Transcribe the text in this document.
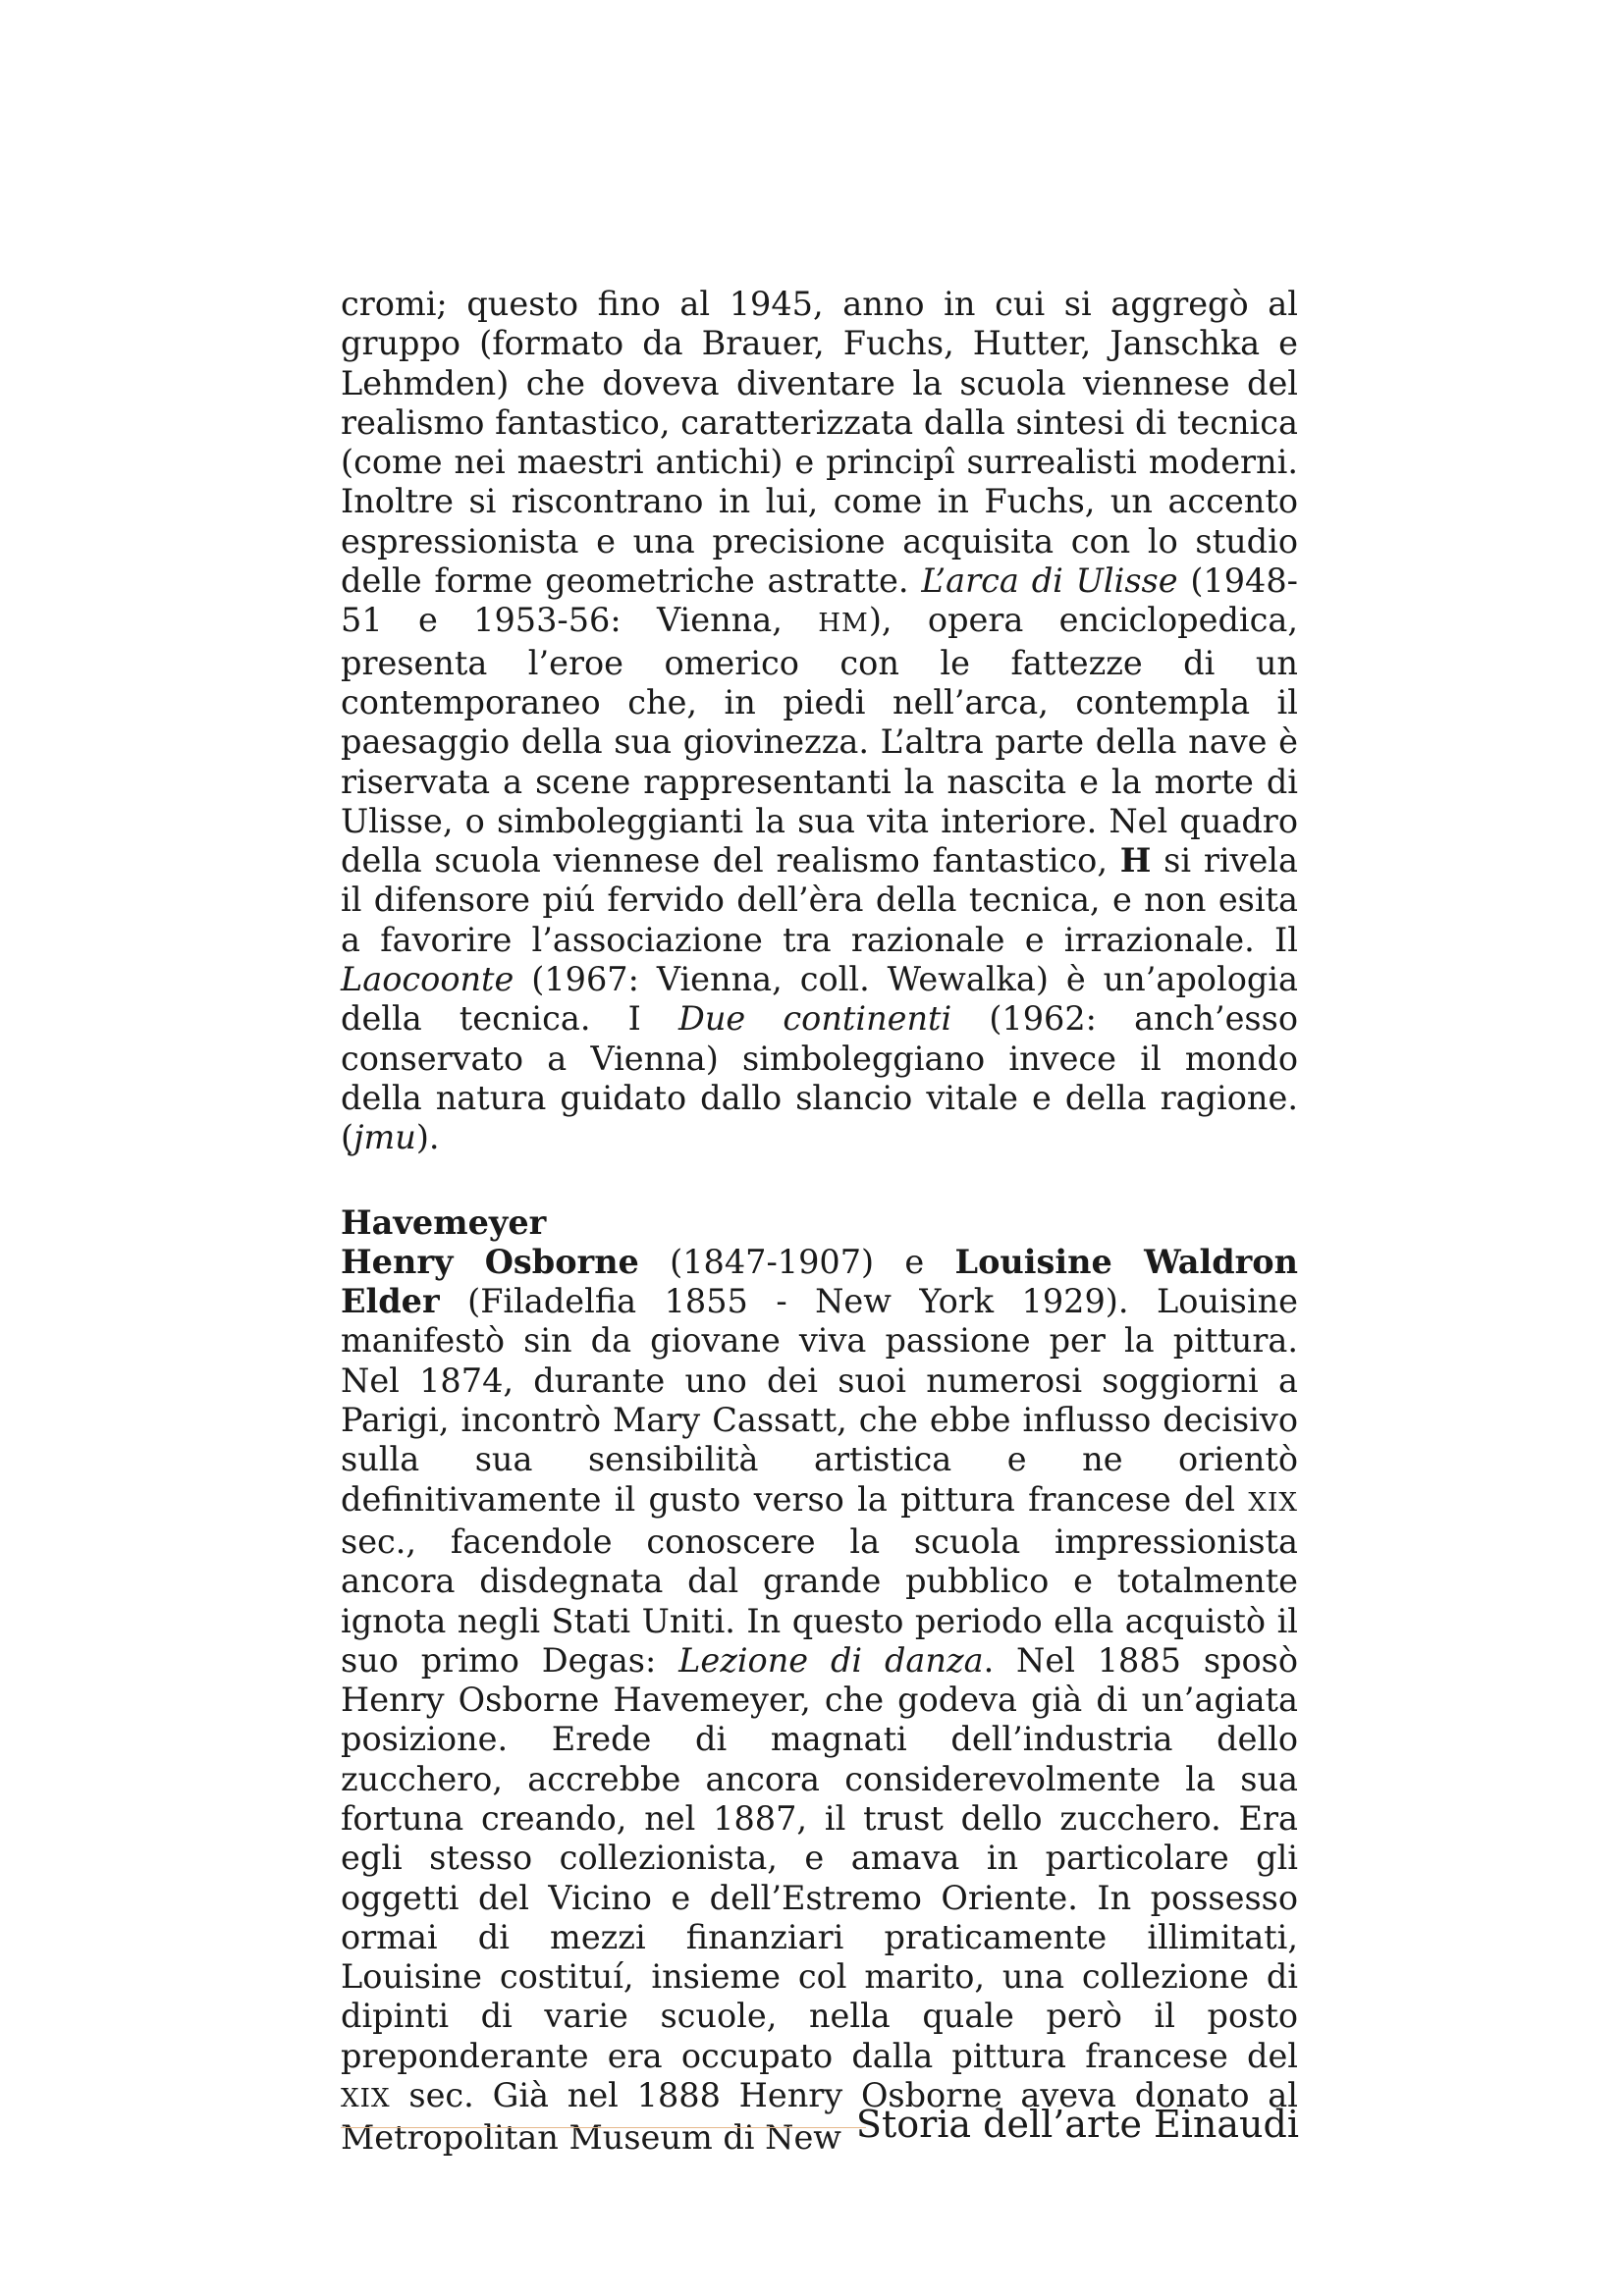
cromi; questo fino al 1945, anno in cui si aggregò al gruppo (formato da Brauer, Fuchs, Hutter, Janschka e Lehmden) che doveva diventare la scuola viennese del realismo fantastico, caratterizzata dalla sintesi di tecnica (come nei maestri antichi) e principî surrealisti moderni. Inoltre si riscontrano in lui, come in Fuchs, un accento espressionista e una precisione acquisita con lo studio delle forme geometriche astratte. L’arca di Ulisse (1948-51 e 1953-56: Vienna, HM), opera enciclopedica, presenta l’eroe omerico con le fattezze di un contemporaneo che, in piedi nell’arca, contempla il paesaggio della sua giovinezza. L’altra parte della nave è riservata a scene rappresentanti la nascita e la morte di Ulisse, o simboleggianti la sua vita interiore. Nel quadro della scuola viennese del realismo fantastico, H si rivela il difensore piú fervido dell’èra della tecnica, e non esita a favorire l’associazione tra razionale e irrazionale. Il Laocoonte (1967: Vienna, coll. Wewalka) è un’apologia della tecnica. I Due continenti (1962: anch’esso conservato a Vienna) simboleggiano invece il mondo della natura guidato dallo slancio vitale e della ragione. (jmu).

Havemeyer

Henry Osborne (1847-1907) e Louisine Waldron Elder (Filadelfia 1855 - New York 1929). Louisine manifestò sin da giovane viva passione per la pittura. Nel 1874, durante uno dei suoi numerosi soggiorni a Parigi, incontrò Mary Cassatt, che ebbe influsso decisivo sulla sua sensibilità artistica e ne orientò definitivamente il gusto verso la pittura francese del XIX sec., facendole conoscere la scuola impressionista ancora disdegnata dal grande pubblico e totalmente ignota negli Stati Uniti. In questo periodo ella acquistò il suo primo Degas: Lezione di danza. Nel 1885 sposò Henry Osborne Havemeyer, che godeva già di un’agiata posizione. Erede di magnati dell’industria dello zucchero, accrebbe ancora considerevolmente la sua fortuna creando, nel 1887, il trust dello zucchero. Era egli stesso collezionista, e amava in particolare gli oggetti del Vicino e dell’Estremo Oriente. In possesso ormai di mezzi finanziari praticamente illimitati, Louisine costituí, insieme col marito, una collezione di dipinti di varie scuole, nella quale però il posto preponderante era occupato dalla pittura francese del XIX sec. Già nel 1888 Henry Osborne aveva donato al Metropolitan Museum di New Storia dell’arte Einaudi
